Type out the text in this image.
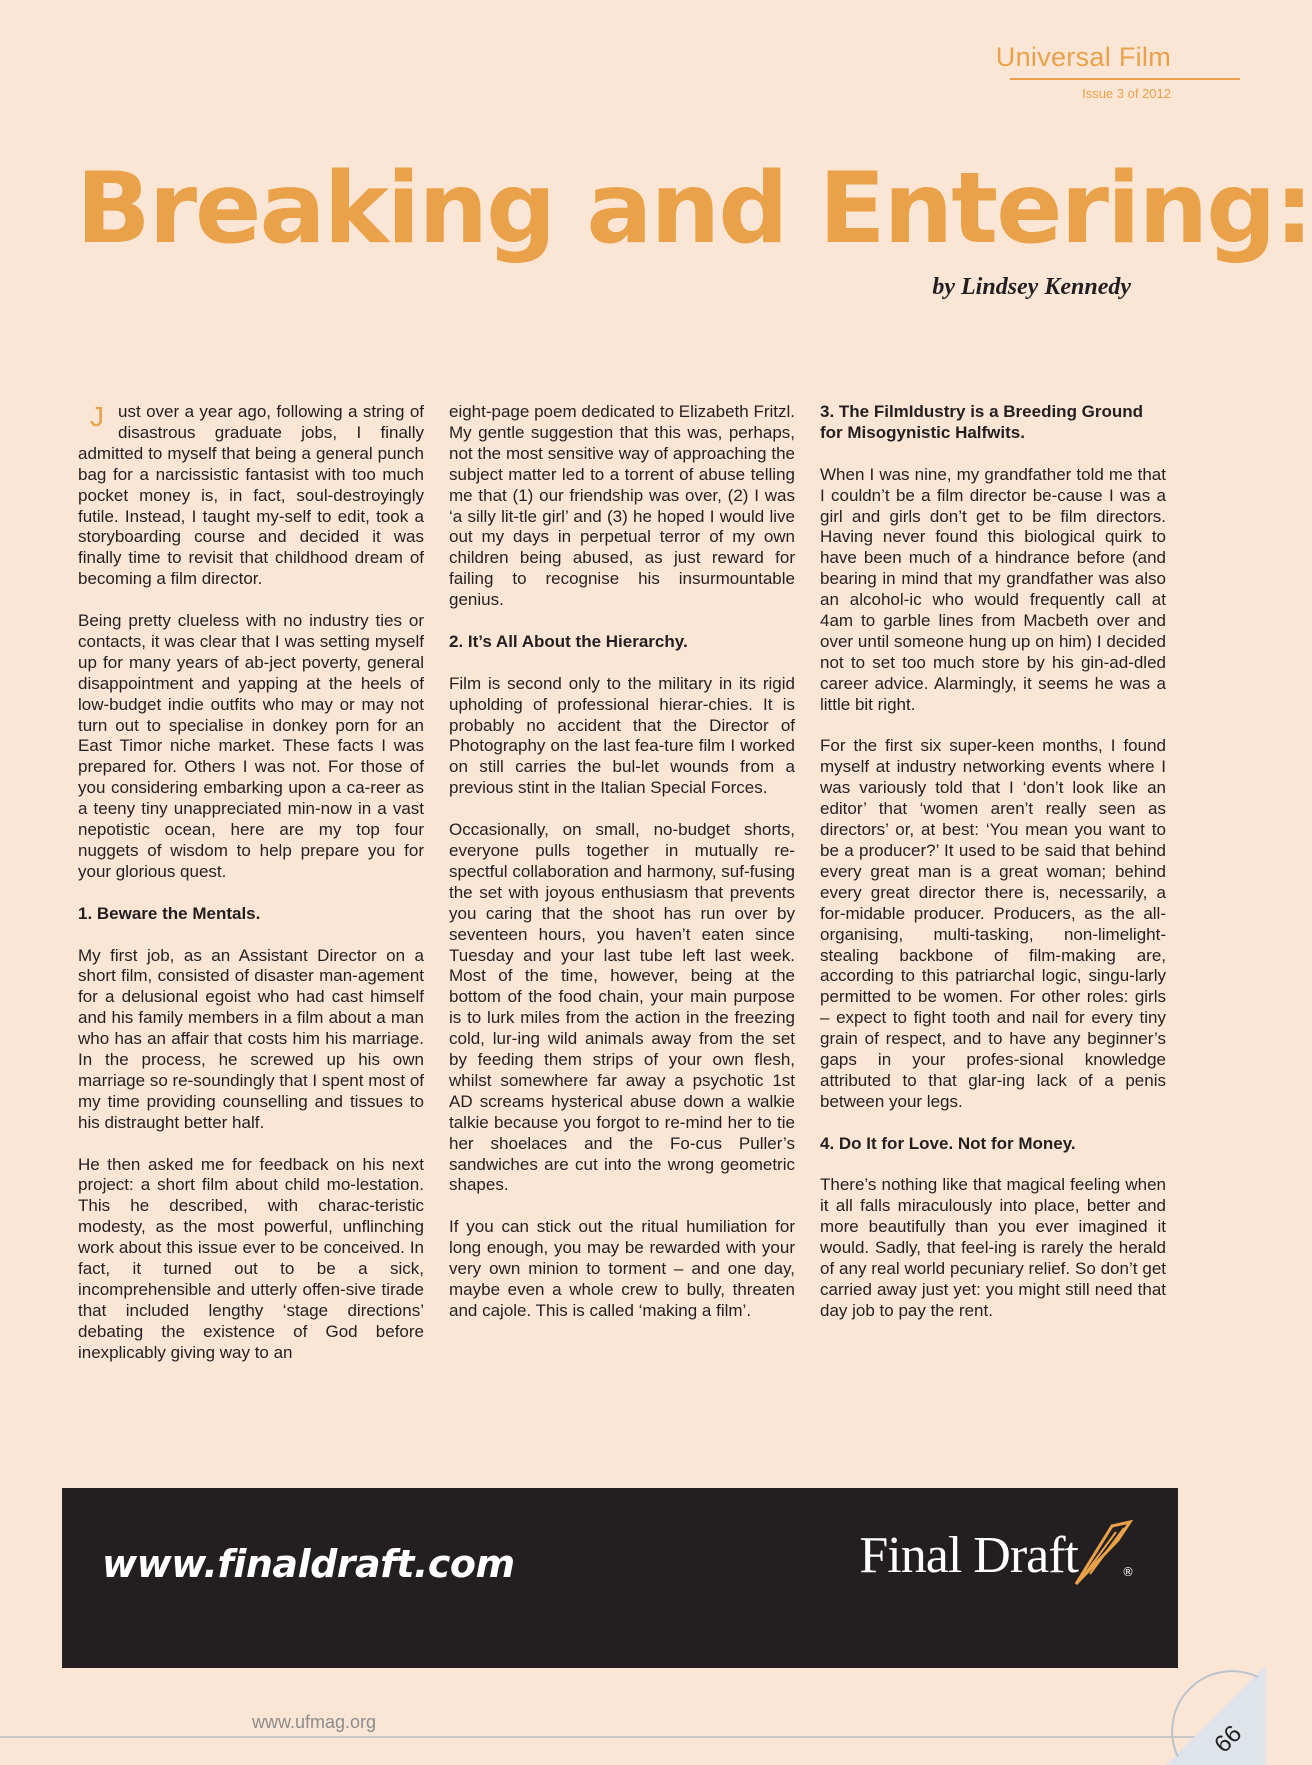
Universal Film
Issue 3 of 2012
Breaking and Entering:
by Lindsey Kennedy

Just over a year ago, following a string of disastrous graduate jobs, I finally admitted to myself that being a general punch bag for a narcissistic fantasist with too much pocket money is, in fact, soul-destroyingly futile. Instead, I taught my-self to edit, took a storyboarding course and decided it was finally time to revisit that childhood dream of becoming a film director.

Being pretty clueless with no industry ties or contacts, it was clear that I was setting myself up for many years of ab-ject poverty, general disappointment and yapping at the heels of low-budget indie outfits who may or may not turn out to specialise in donkey porn for an East Timor niche market. These facts I was prepared for. Others I was not. For those of you considering embarking upon a ca-reer as a teeny tiny unappreciated min-now in a vast nepotistic ocean, here are my top four nuggets of wisdom to help prepare you for your glorious quest.

1. Beware the Mentals.

My first job, as an Assistant Director on a short film, consisted of disaster man-agement for a delusional egoist who had cast himself and his family members in a film about a man who has an affair that costs him his marriage. In the process, he screwed up his own marriage so re-soundingly that I spent most of my time providing counselling and tissues to his distraught better half.

He then asked me for feedback on his next project: a short film about child mo-lestation. This he described, with charac-teristic modesty, as the most powerful, unflinching work about this issue ever to be conceived. In fact, it turned out to be a sick, incomprehensible and utterly offen-sive tirade that included lengthy ‘stage directions’ debating the existence of God before inexplicably giving way to an

eight-page poem dedicated to Elizabeth Fritzl. My gentle suggestion that this was, perhaps, not the most sensitive way of approaching the subject matter led to a torrent of abuse telling me that (1) our friendship was over, (2) I was ‘a silly lit-tle girl’ and (3) he hoped I would live out my days in perpetual terror of my own children being abused, as just reward for failing to recognise his insurmountable genius.

2. It’s All About the Hierarchy.

Film is second only to the military in its rigid upholding of professional hierar-chies. It is probably no accident that the Director of Photography on the last fea-ture film I worked on still carries the bul-let wounds from a previous stint in the Italian Special Forces.

Occasionally, on small, no-budget shorts, everyone pulls together in mutually re-spectful collaboration and harmony, suf-fusing the set with joyous enthusiasm that prevents you caring that the shoot has run over by seventeen hours, you haven’t eaten since Tuesday and your last tube left last week. Most of the time, however, being at the bottom of the food chain, your main purpose is to lurk miles from the action in the freezing cold, lur-ing wild animals away from the set by feeding them strips of your own flesh, whilst somewhere far away a psychotic 1st AD screams hysterical abuse down a walkie talkie because you forgot to re-mind her to tie her shoelaces and the Fo-cus Puller’s sandwiches are cut into the wrong geometric shapes.

If you can stick out the ritual humiliation for long enough, you may be rewarded with your very own minion to torment – and one day, maybe even a whole crew to bully, threaten and cajole. This is called ‘making a film’.

3. The FilmIdustry is a Breeding Ground for Misogynistic Halfwits.

When I was nine, my grandfather told me that I couldn’t be a film director be-cause I was a girl and girls don’t get to be film directors. Having never found this biological quirk to have been much of a hindrance before (and bearing in mind that my grandfather was also an alcohol-ic who would frequently call at 4am to garble lines from Macbeth over and over until someone hung up on him) I decided not to set too much store by his gin-ad-dled career advice. Alarmingly, it seems he was a little bit right.

For the first six super-keen months, I found myself at industry networking events where I was variously told that I ‘don’t look like an editor’ that ‘women aren’t really seen as directors’ or, at best: ‘You mean you want to be a producer?’ It used to be said that behind every great man is a great woman; behind every great director there is, necessarily, a for-midable producer. Producers, as the all-organising, multi-tasking, non-limelight-stealing backbone of film-making are, according to this patriarchal logic, singu-larly permitted to be women. For other roles: girls – expect to fight tooth and nail for every tiny grain of respect, and to have any beginner’s gaps in your profes-sional knowledge attributed to that glar-ing lack of a penis between your legs.

4. Do It for Love. Not for Money.

There’s nothing like that magical feeling when it all falls miraculously into place, better and more beautifully than you ever imagined it would. Sadly, that feel-ing is rarely the herald of any real world pecuniary relief. So don’t get carried away just yet: you might still need that day job to pay the rent.

www.finaldraft.com	Final Draft	®
www.ufmag.org	66
